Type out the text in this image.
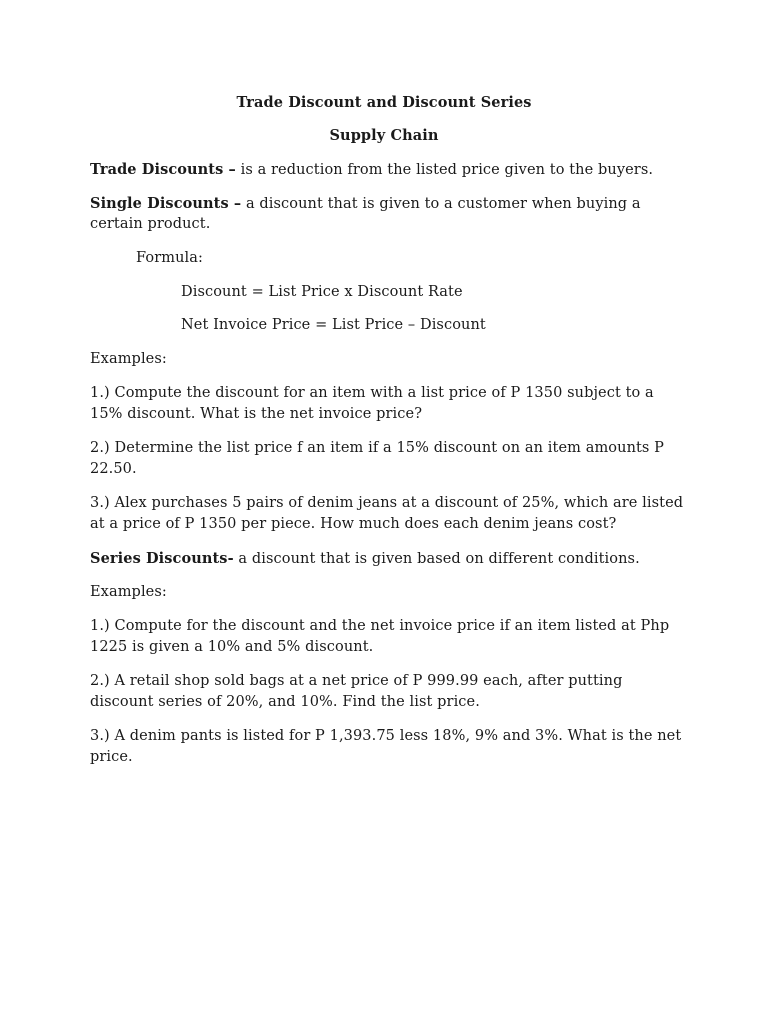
Trade Discount and Discount Series
Supply Chain
Trade Discounts – is a reduction from the listed price given to the buyers.
Single Discounts – a discount that is given to a customer when buying a
certain product.
Formula:
Discount = List Price x Discount Rate
Net Invoice Price = List Price – Discount
Examples:
1.) Compute the discount for an item with a list price of P 1350 subject to a
15% discount. What is the net invoice price?
2.) Determine the list price f an item if a 15% discount on an item amounts P
22.50.
3.) Alex purchases 5 pairs of denim jeans at a discount of 25%, which are listed
at a price of P 1350 per piece. How much does each denim jeans cost?
Series Discounts- a discount that is given based on different conditions.
Examples:
1.) Compute for the discount and the net invoice price if an item listed at Php
1225 is given a 10% and 5% discount.
2.) A retail shop sold bags at a net price of P 999.99 each, after putting
discount series of 20%, and 10%. Find the list price.
3.) A denim pants is listed for P 1,393.75 less 18%, 9% and 3%. What is the net
price.
